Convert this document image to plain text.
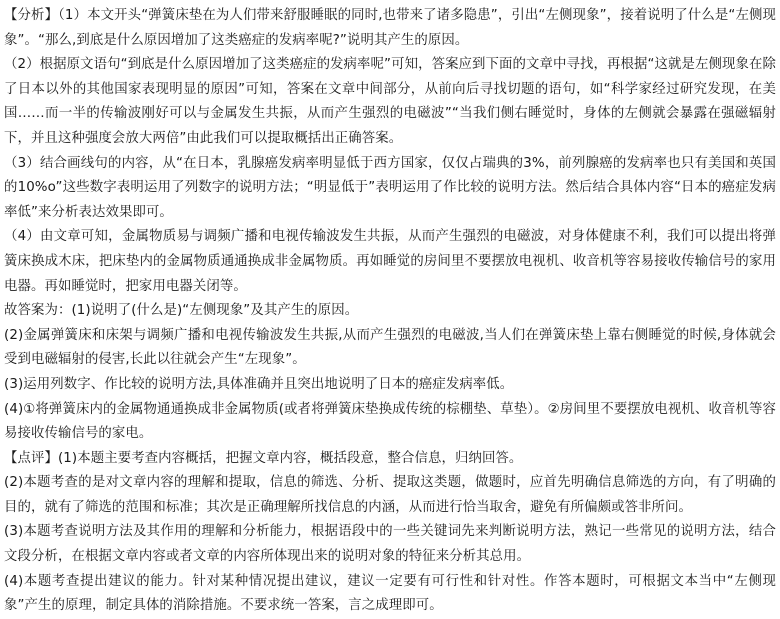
【分析】（1）本文开头“弹簧床垫在为人们带来舒服睡眠的同时,也带来了诸多隐患”，引出“左侧现象”，接着说明了什么是“左侧现象”。“那么,到底是什么原因增加了这类癌症的发病率呢?”说明其产生的原因。

（2）根据原文语句“到底是什么原因增加了这类癌症的发病率呢”可知，答案应到下面的文章中寻找，再根据“这就是左侧现象在除了日本以外的其他国家表现明显的原因”可知，答案在文章中间部分，从前向后寻找切题的语句，如“科学家经过研究发现，在美国……而一半的传输波刚好可以与金属发生共振，从而产生强烈的电磁波”“当我们侧右睡觉时，身体的左侧就会暴露在强磁辐射下，并且这种强度会放大两倍”由此我们可以提取概括出正确答案。

（3）结合画线句的内容，从“在日本，乳腺癌发病率明显低于西方国家，仅仅占瑞典的3%，前列腺癌的发病率也只有美国和英国的10%o”这些数字表明运用了列数字的说明方法；“明显低于”表明运用了作比较的说明方法。然后结合具体内容“日本的癌症发病率低”来分析表达效果即可。

（4）由文章可知，金属物质易与调频广播和电视传输波发生共振，从而产生强烈的电磁波，对身体健康不利，我们可以提出将弹簧床换成木床，把床垫内的金属物质通通换成非金属物质。再如睡觉的房间里不要摆放电视机、收音机等容易接收传输信号的家用电器。再如睡觉时，把家用电器关闭等。

故答案为：(1)说明了(什么是)“左侧现象”及其产生的原因。

(2)金属弹簧床和床架与调频广播和电视传输波发生共振,从而产生强烈的电磁波,当人们在弹簧床垫上靠右侧睡觉的时候,身体就会受到电磁辐射的侵害,长此以往就会产生“左现象”。

(3)运用列数字、作比较的说明方法,具体准确并且突出地说明了日本的癌症发病率低。

(4)①将弹簧床内的金属物通通换成非金属物质(或者将弹簧床垫换成传统的棕棚垫、草垫）。②房间里不要摆放电视机、收音机等容易接收传输信号的家电。

【点评】(1)本题主要考查内容概括，把握文章内容，概括段意，整合信息，归纳回答。

(2)本题考查的是对文章内容的理解和提取，信息的筛选、分析、提取这类题，做题时，应首先明确信息筛选的方向，有了明确的目的，就有了筛选的范围和标准；其次是正确理解所找信息的内涵，从而进行恰当取舍，避免有所偏颇或答非所问。

(3)本题考查说明方法及其作用的理解和分析能力，根据语段中的一些关键词先来判断说明方法，熟记一些常见的说明方法，结合文段分析，在根据文章内容或者文章的内容所体现出来的说明对象的特征来分析其总用。

(4)本题考查提出建议的能力。针对某种情况提出建议，建议一定要有可行性和针对性。作答本题时，可根据文本当中“左侧现象”产生的原理，制定具体的消除措施。不要求统一答案，言之成理即可。
